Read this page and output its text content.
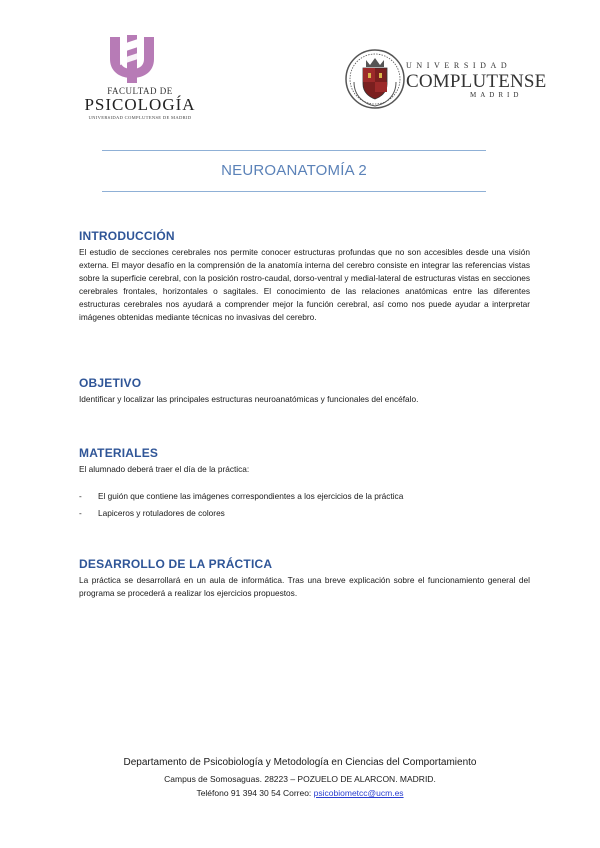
FACULTAD DE
PSICOLOGÍA
UNIVERSIDAD COMPLUTENSE DE MADRID
UNIVERSIDAD
COMPLUTENSE
MADRID
NEUROANATOMÍA 2
INTRODUCCIÓN

El estudio de secciones cerebrales nos permite conocer estructuras profundas que no son accesibles desde una visión externa. El mayor desafío en la comprensión de la anatomía interna del cerebro consiste en integrar las referencias vistas sobre la superficie cerebral, con la posición rostro-caudal, dorso-ventral y medial-lateral de estructuras vistas en secciones cerebrales frontales, horizontales o sagitales. El conocimiento de las relaciones anatómicas entre las diferentes estructuras cerebrales nos ayudará a comprender mejor la función cerebral, así como nos puede ayudar a interpretar imágenes obtenidas mediante técnicas no invasivas del cerebro.

OBJETIVO

Identificar y localizar las principales estructuras neuroanatómicas y funcionales del encéfalo.

MATERIALES

El alumnado deberá traer el día de la práctica:

- El guión que contiene las imágenes correspondientes a los ejercicios de la práctica
- Lapiceros y rotuladores de colores
DESARROLLO DE LA PRÁCTICA

La práctica se desarrollará en un aula de informática. Tras una breve explicación sobre el funcionamiento general del programa se procederá a realizar los ejercicios propuestos.

Departamento de Psicobiología y Metodología en Ciencias del Comportamiento
Campus de Somosaguas. 28223 – POZUELO DE ALARCON. MADRID.
Teléfono 91 394 30 54 Correo: psicobiometcc@ucm.es
